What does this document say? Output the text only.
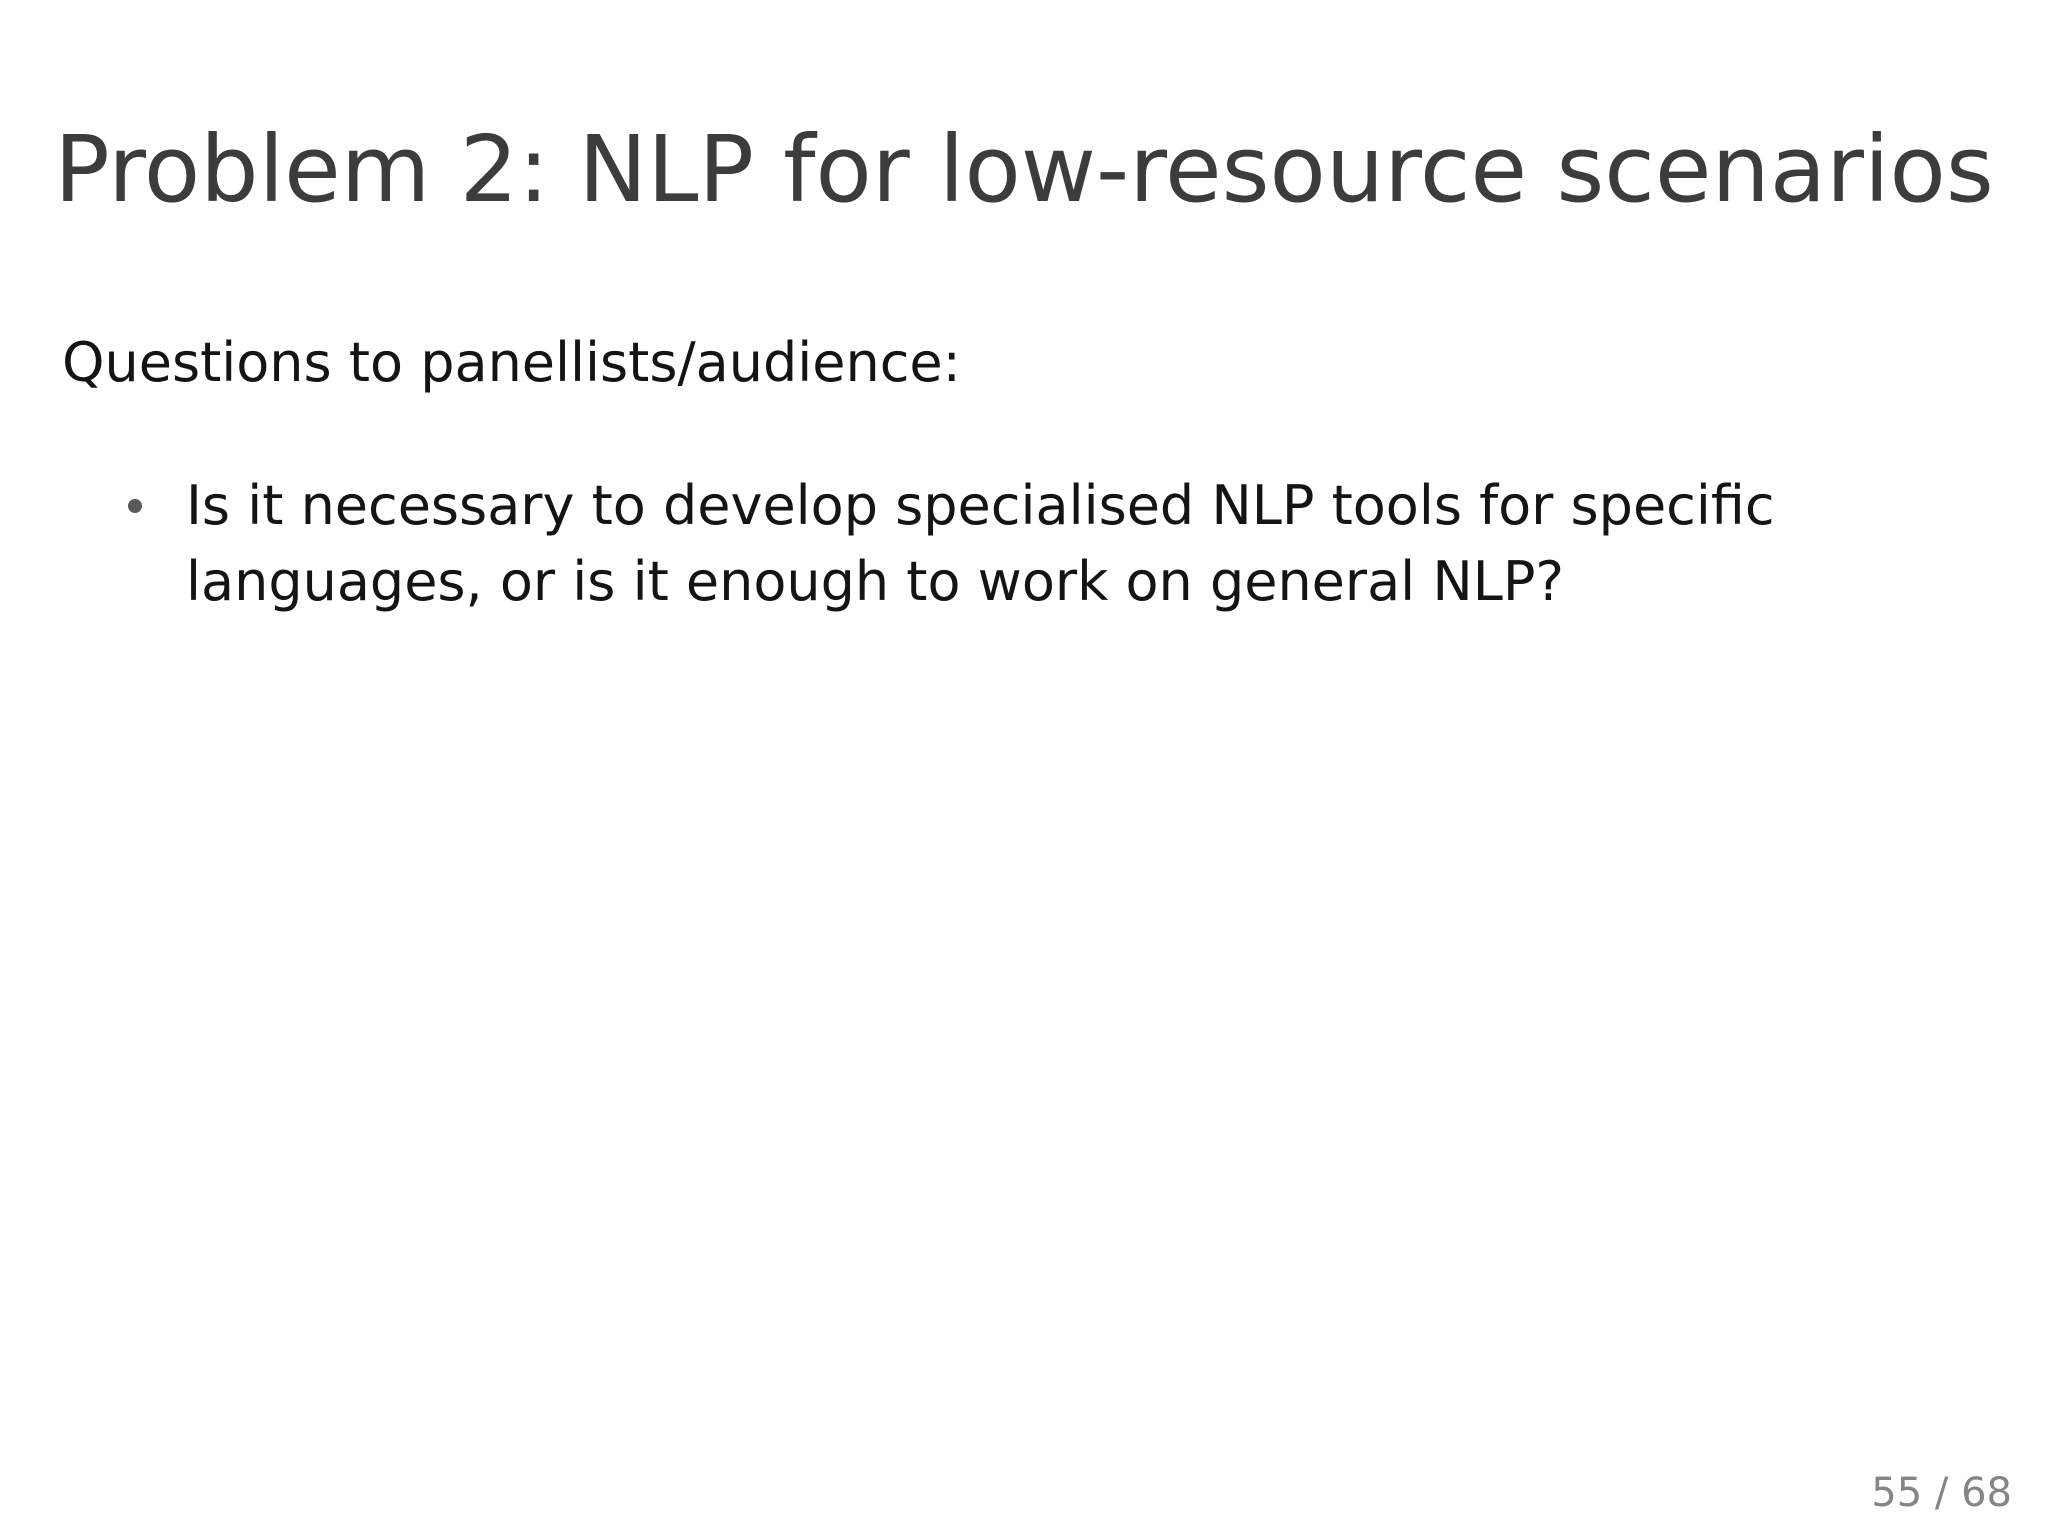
Problem 2: NLP for low-resource scenarios
Questions to panellists/audience:
Is it necessary to develop specialised NLP tools for specific languages, or is it enough to work on general NLP?
55 / 68
